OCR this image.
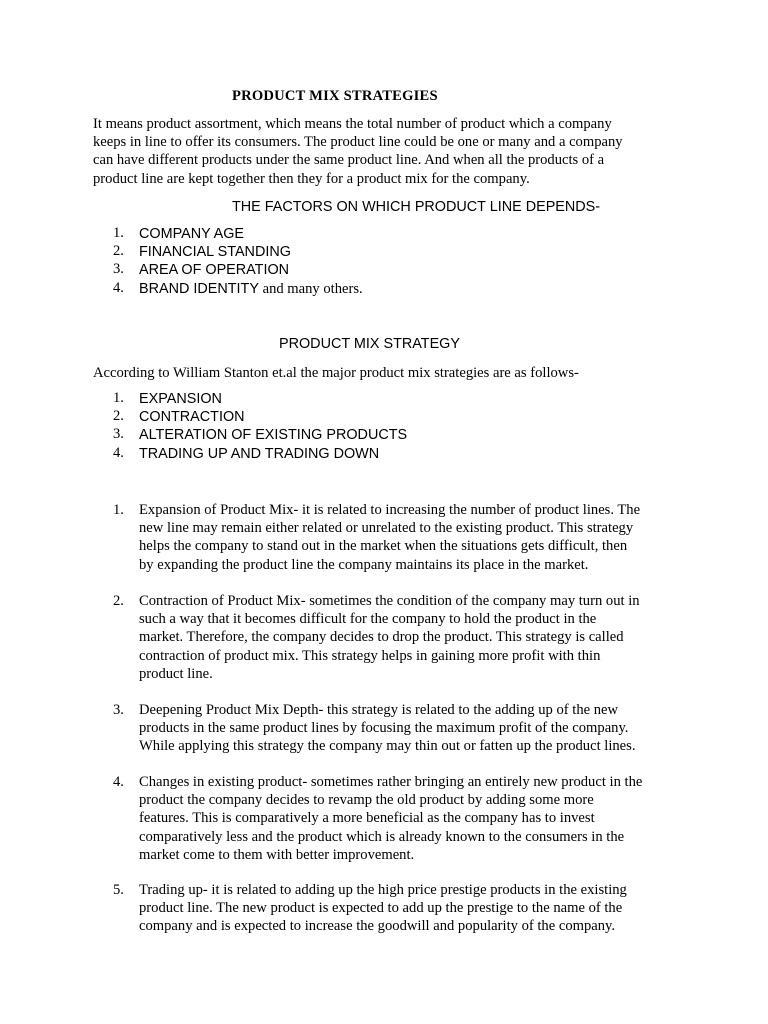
PRODUCT MIX STRATEGIES
It means product assortment, which means the total number of product which a company
keeps in line to offer its consumers. The product line could be one or many and a company
can have different products under the same product line. And when all the products of a
product line are kept together then they for a product mix for the company.
THE FACTORS ON WHICH PRODUCT LINE DEPENDS-
1. COMPANY AGE
2. FINANCIAL STANDING
3. AREA OF OPERATION
4. BRAND IDENTITY and many others.
PRODUCT MIX STRATEGY
According to William Stanton et.al the major product mix strategies are as follows-
1. EXPANSION
2. CONTRACTION
3. ALTERATION OF EXISTING PRODUCTS
4. TRADING UP AND TRADING DOWN
1. Expansion of Product Mix- it is related to increasing the number of product lines. The
new line may remain either related or unrelated to the existing product. This strategy
helps the company to stand out in the market when the situations gets difficult, then
by expanding the product line the company maintains its place in the market.
2. Contraction of Product Mix- sometimes the condition of the company may turn out in
such a way that it becomes difficult for the company to hold the product in the
market. Therefore, the company decides to drop the product. This strategy is called
contraction of product mix. This strategy helps in gaining more profit with thin
product line.
3. Deepening Product Mix Depth- this strategy is related to the adding up of the new
products in the same product lines by focusing the maximum profit of the company.
While applying this strategy the company may thin out or fatten up the product lines.
4. Changes in existing product- sometimes rather bringing an entirely new product in the
product the company decides to revamp the old product by adding some more
features. This is comparatively a more beneficial as the company has to invest
comparatively less and the product which is already known to the consumers in the
market come to them with better improvement.
5. Trading up- it is related to adding up the high price prestige products in the existing
product line. The new product is expected to add up the prestige to the name of the
company and is expected to increase the goodwill and popularity of the company.
